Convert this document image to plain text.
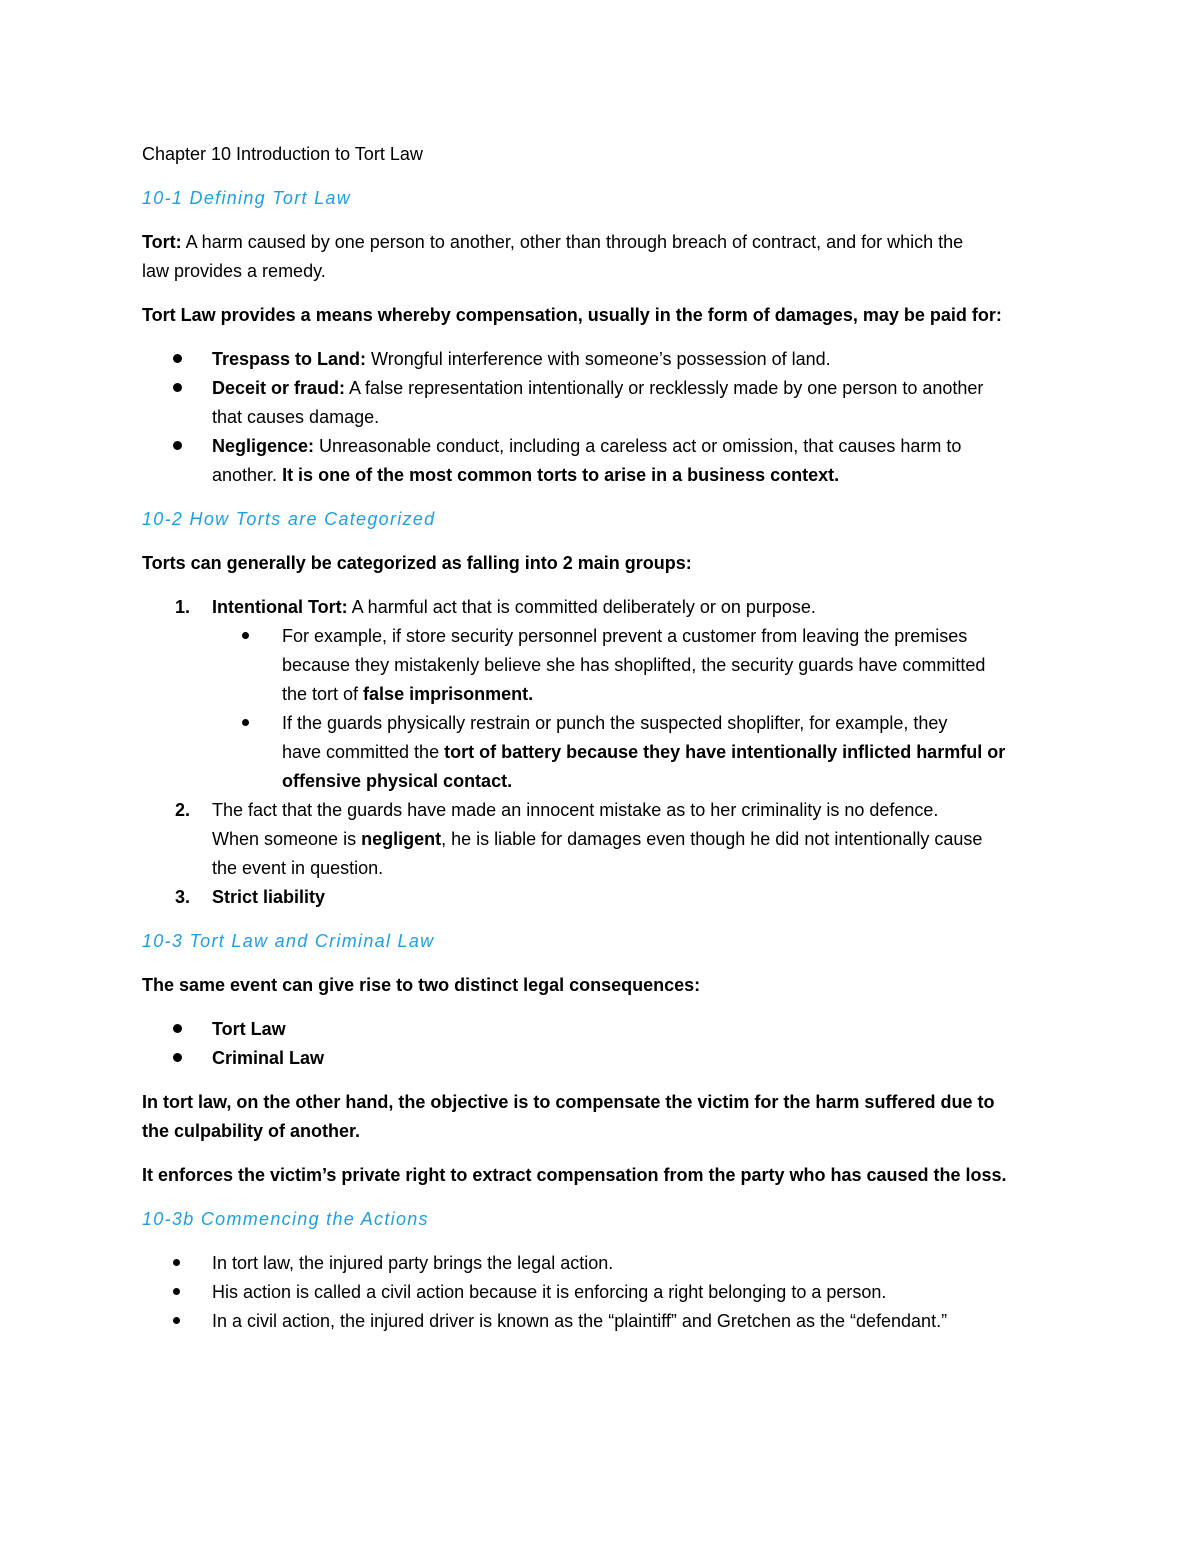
Chapter 10 Introduction to Tort Law
10-1 Defining Tort Law

Tort: A harm caused by one person to another, other than through breach of contract, and for which the
law provides a remedy.

Tort Law provides a means whereby compensation, usually in the form of damages, may be paid for:

Trespass to Land: Wrongful interference with someone’s possession of land.
Deceit or fraud: A false representation intentionally or recklessly made by one person to another
that causes damage.
Negligence: Unreasonable conduct, including a careless act or omission, that causes harm to
another. It is one of the most common torts to arise in a business context.
10-2 How Torts are Categorized

Torts can generally be categorized as falling into 2 main groups:

1. Intentional Tort: A harmful act that is committed deliberately or on purpose.
For example, if store security personnel prevent a customer from leaving the premises
because they mistakenly believe she has shoplifted, the security guards have committed
the tort of false imprisonment.
If the guards physically restrain or punch the suspected shoplifter, for example, they
have committed the tort of battery because they have intentionally inflicted harmful or
offensive physical contact.
2. The fact that the guards have made an innocent mistake as to her criminality is no defence.
When someone is negligent, he is liable for damages even though he did not intentionally cause
the event in question.
3. Strict liability
10-3 Tort Law and Criminal Law

The same event can give rise to two distinct legal consequences:

Tort Law
Criminal Law

In tort law, on the other hand, the objective is to compensate the victim for the harm suffered due to
the culpability of another.

It enforces the victim’s private right to extract compensation from the party who has caused the loss.

10-3b Commencing the Actions
In tort law, the injured party brings the legal action.
His action is called a civil action because it is enforcing a right belonging to a person.
In a civil action, the injured driver is known as the “plaintiff” and Gretchen as the “defendant.”
